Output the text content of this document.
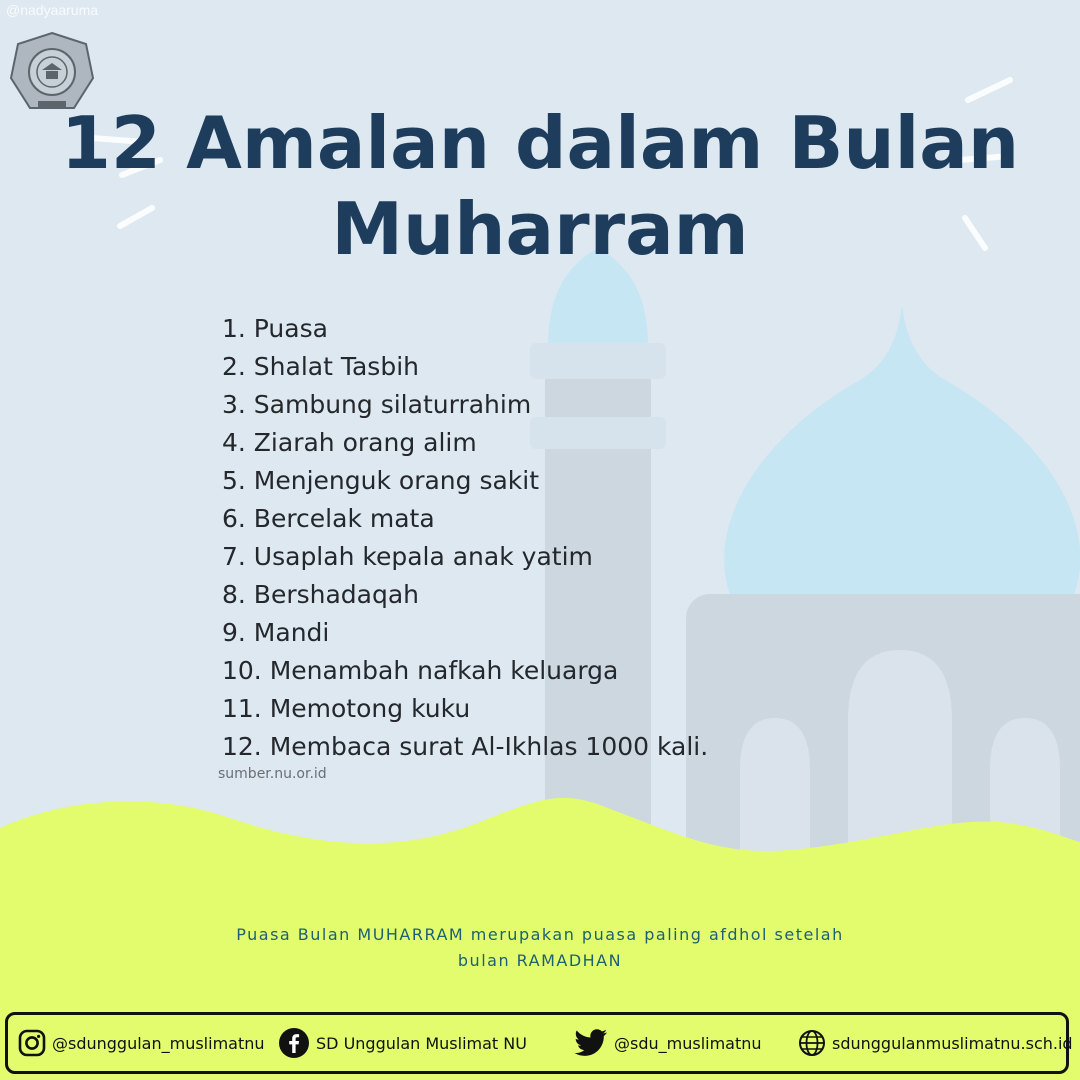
@nadyaaruma
12 Amalan dalam Bulan
Muharram
1. Puasa
2. Shalat Tasbih
3. Sambung silaturrahim
4. Ziarah orang alim
5. Menjenguk orang sakit
6. Bercelak mata
7. Usaplah kepala anak yatim
8. Bershadaqah
9. Mandi
10. Menambah nafkah keluarga
11. Memotong kuku
12. Membaca surat Al-Ikhlas 1000 kali.
sumber.nu.or.id
Puasa Bulan MUHARRAM merupakan puasa paling afdhol setelah
bulan RAMADHAN
@sdunggulan_muslimatnu	SD Unggulan Muslimat NU	@sdu_muslimatnu	sdunggulanmuslimatnu.sch.id
